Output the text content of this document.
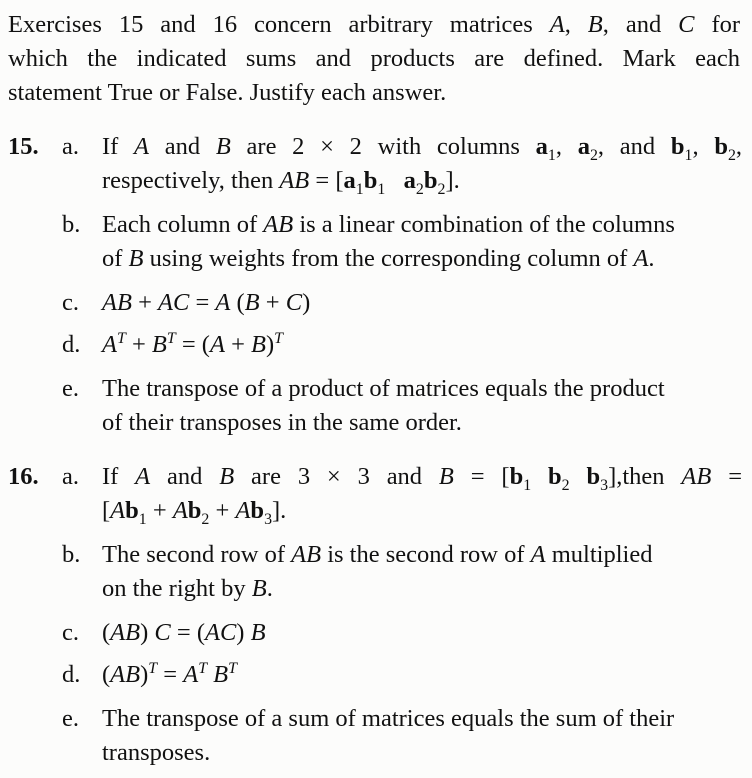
Exercises 15 and 16 concern arbitrary matrices A, B, and C for
which the indicated sums and products are defined. Mark each
statement True or False. Justify each answer.
15. a. If A and B are 2 × 2 with columns $a_1$, $a_2$, and $b_1$, $b_2$,
respectively, then AB = [$a_1b_1$ $a_2b_2$].
b. Each column of AB is a linear combination of the columns
of B using weights from the corresponding column of A.
c. AB + AC = A (B + C)
d. $A^T + B^T = (A + B)^T$
e. The transpose of a product of matrices equals the product
of their transposes in the same order.
16. a. If A and B are 3 × 3 and $B = [b_1$ $b_2$ $b_3],then$ AB =
$[Ab_1 + Ab_2 + Ab_3]$.
b. The second row of AB is the second row of A multiplied
on the right by B.
c. (AB) C = (AC) B
d. $(AB)^T = A^T$ $B^T$
e. The transpose of a sum of matrices equals the sum of their
transposes.
